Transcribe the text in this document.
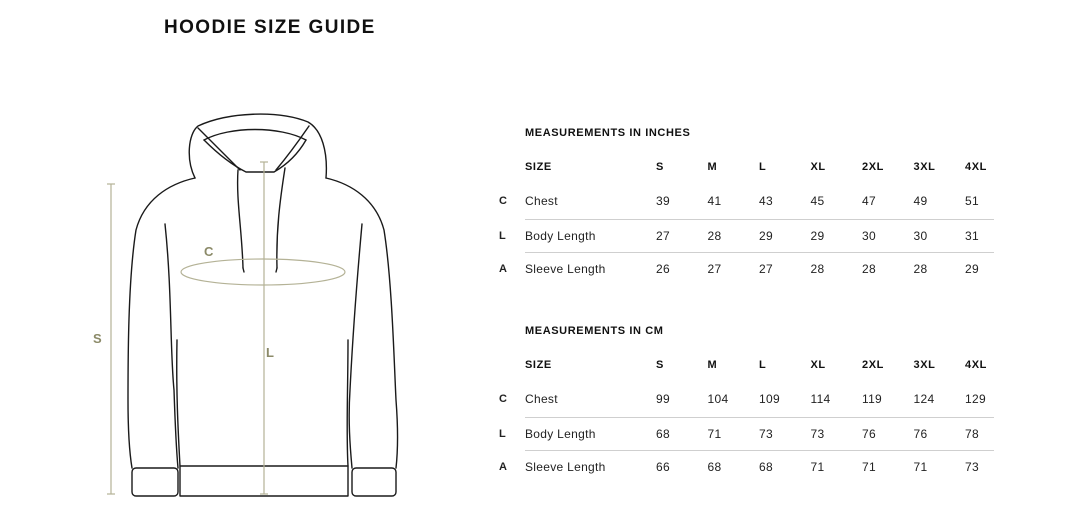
HOODIE SIZE GUIDE
C
L
S
MEASUREMENTS IN INCHES
	SIZE	S	M	L	XL	2XL	3XL	4XL
C	Chest	39	41	43	45	47	49	51
L	Body Length	27	28	29	29	30	30	31
A	Sleeve Length	26	27	27	28	28	28	29
MEASUREMENTS IN CM
	SIZE	S	M	L	XL	2XL	3XL	4XL
C	Chest	99	104	109	114	119	124	129
L	Body Length	68	71	73	73	76	76	78
A	Sleeve Length	66	68	68	71	71	71	73
